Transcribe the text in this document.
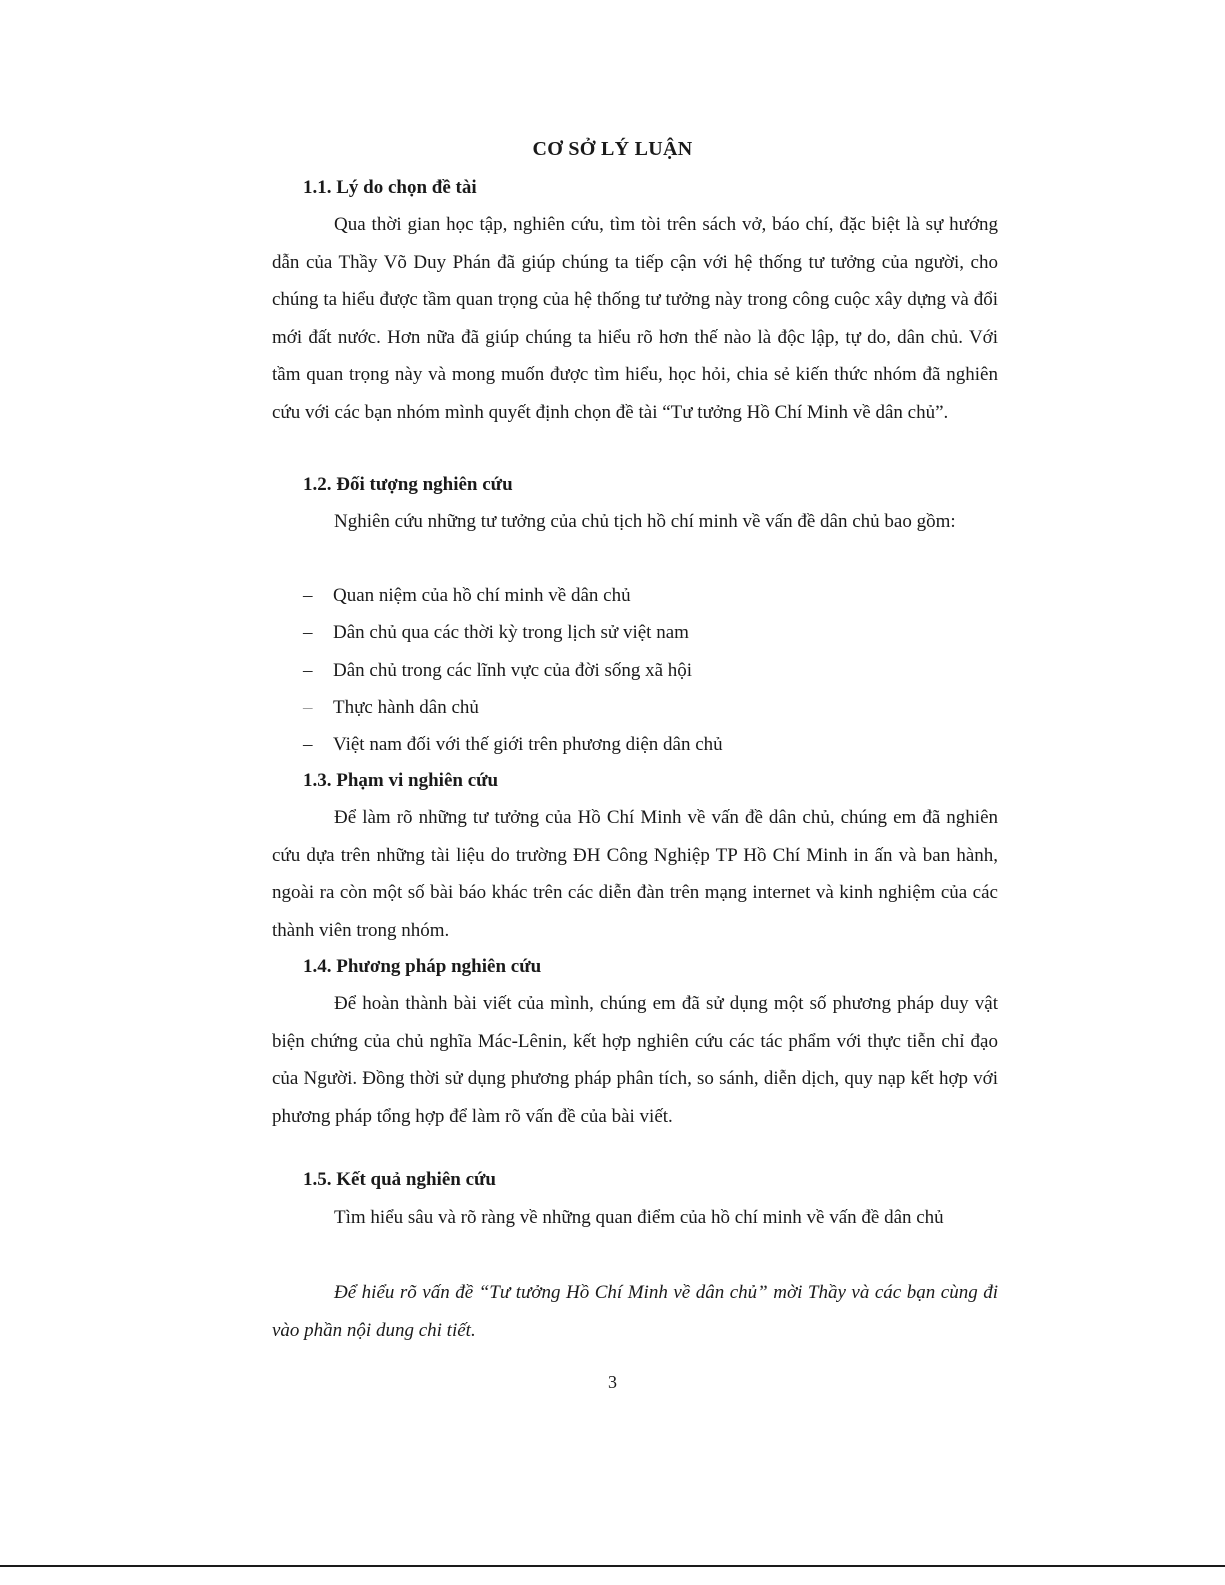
CƠ SỞ LÝ LUẬN
1.1. Lý do chọn đề tài

Qua thời gian học tập, nghiên cứu, tìm tòi trên sách vở, báo chí, đặc biệt là sự hướng dẫn của Thầy Võ Duy Phán đã giúp chúng ta tiếp cận với hệ thống tư tưởng của người, cho chúng ta hiểu được tầm quan trọng của hệ thống tư tưởng này trong công cuộc xây dựng và đổi mới đất nước. Hơn nữa đã giúp chúng ta hiểu rõ hơn thế nào là độc lập, tự do, dân chủ. Với tầm quan trọng này và mong muốn được tìm hiểu, học hỏi, chia sẻ kiến thức nhóm đã nghiên cứu với các bạn nhóm mình quyết định chọn đề tài “Tư tưởng Hồ Chí Minh về dân chủ”.

1.2. Đối tượng nghiên cứu

Nghiên cứu những tư tưởng của chủ tịch hồ chí minh về vấn đề dân chủ bao gồm:

–	Quan niệm của hồ chí minh về dân chủ
–	Dân chủ qua các thời kỳ trong lịch sử việt nam
–	Dân chủ trong các lĩnh vực của đời sống xã hội
–	Thực hành dân chủ
–	Việt nam đối với thế giới trên phương diện dân chủ
1.3. Phạm vi nghiên cứu

Để làm rõ những tư tưởng của Hồ Chí Minh về vấn đề dân chủ, chúng em đã nghiên cứu dựa trên những tài liệu do trường ĐH Công Nghiệp TP Hồ Chí Minh in ấn và ban hành, ngoài ra còn một số bài báo khác trên các diễn đàn trên mạng internet và kinh nghiệm của các thành viên trong nhóm.

1.4. Phương pháp nghiên cứu

Để hoàn thành bài viết của mình, chúng em đã sử dụng một số phương pháp duy vật biện chứng của chủ nghĩa Mác-Lênin, kết hợp nghiên cứu các tác phẩm với thực tiễn chỉ đạo của Người. Đồng thời sử dụng phương pháp phân tích, so sánh, diễn dịch, quy nạp kết hợp với phương pháp tổng hợp để làm rõ vấn đề của bài viết.

1.5. Kết quả nghiên cứu

Tìm hiểu sâu và rõ ràng về những quan điểm của hồ chí minh về vấn đề dân chủ

Để hiểu rõ vấn đề “Tư tưởng Hồ Chí Minh về dân chủ” mời Thầy và các bạn cùng đi vào phần nội dung chi tiết.

3
